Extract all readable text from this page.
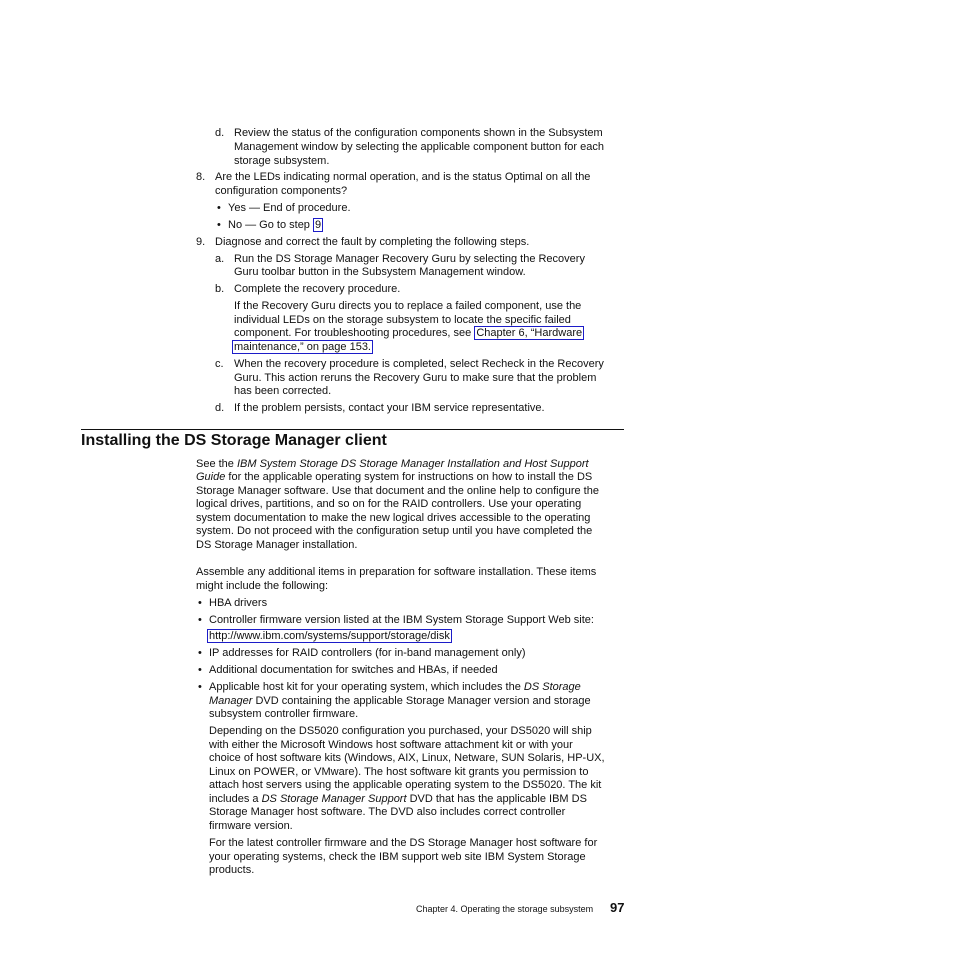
d. Review the status of the configuration components shown in the Subsystem
Management window by selecting the applicable component button for each
storage subsystem.
8. Are the LEDs indicating normal operation, and is the status Optimal on all the
configuration components?
• Yes — End of procedure.
• No — Go to step 9
9. Diagnose and correct the fault by completing the following steps.
a. Run the DS Storage Manager Recovery Guru by selecting the Recovery
Guru toolbar button in the Subsystem Management window.
b. Complete the recovery procedure.
If the Recovery Guru directs you to replace a failed component, use the
individual LEDs on the storage subsystem to locate the specific failed
component. For troubleshooting procedures, see Chapter 6, “Hardware
maintenance,” on page 153.
c. When the recovery procedure is completed, select Recheck in the Recovery
Guru. This action reruns the Recovery Guru to make sure that the problem
has been corrected.
d. If the problem persists, contact your IBM service representative.
Installing the DS Storage Manager client
See the IBM System Storage DS Storage Manager Installation and Host Support
Guide for the applicable operating system for instructions on how to install the DS
Storage Manager software. Use that document and the online help to configure the
logical drives, partitions, and so on for the RAID controllers. Use your operating
system documentation to make the new logical drives accessible to the operating
system. Do not proceed with the configuration setup until you have completed the
DS Storage Manager installation.
Assemble any additional items in preparation for software installation. These items
might include the following:
• HBA drivers
• Controller firmware version listed at the IBM System Storage Support Web site:
http://www.ibm.com/systems/support/storage/disk
• IP addresses for RAID controllers (for in-band management only)
• Additional documentation for switches and HBAs, if needed
• Applicable host kit for your operating system, which includes the DS Storage
Manager DVD containing the applicable Storage Manager version and storage
subsystem controller firmware.
Depending on the DS5020 configuration you purchased, your DS5020 will ship
with either the Microsoft Windows host software attachment kit or with your
choice of host software kits (Windows, AIX, Linux, Netware, SUN Solaris, HP-UX,
Linux on POWER, or VMware). The host software kit grants you permission to
attach host servers using the applicable operating system to the DS5020. The kit
includes a DS Storage Manager Support DVD that has the applicable IBM DS
Storage Manager host software. The DVD also includes correct controller
firmware version.
For the latest controller firmware and the DS Storage Manager host software for
your operating systems, check the IBM support web site IBM System Storage
products.
Chapter 4. Operating the storage subsystem 97
